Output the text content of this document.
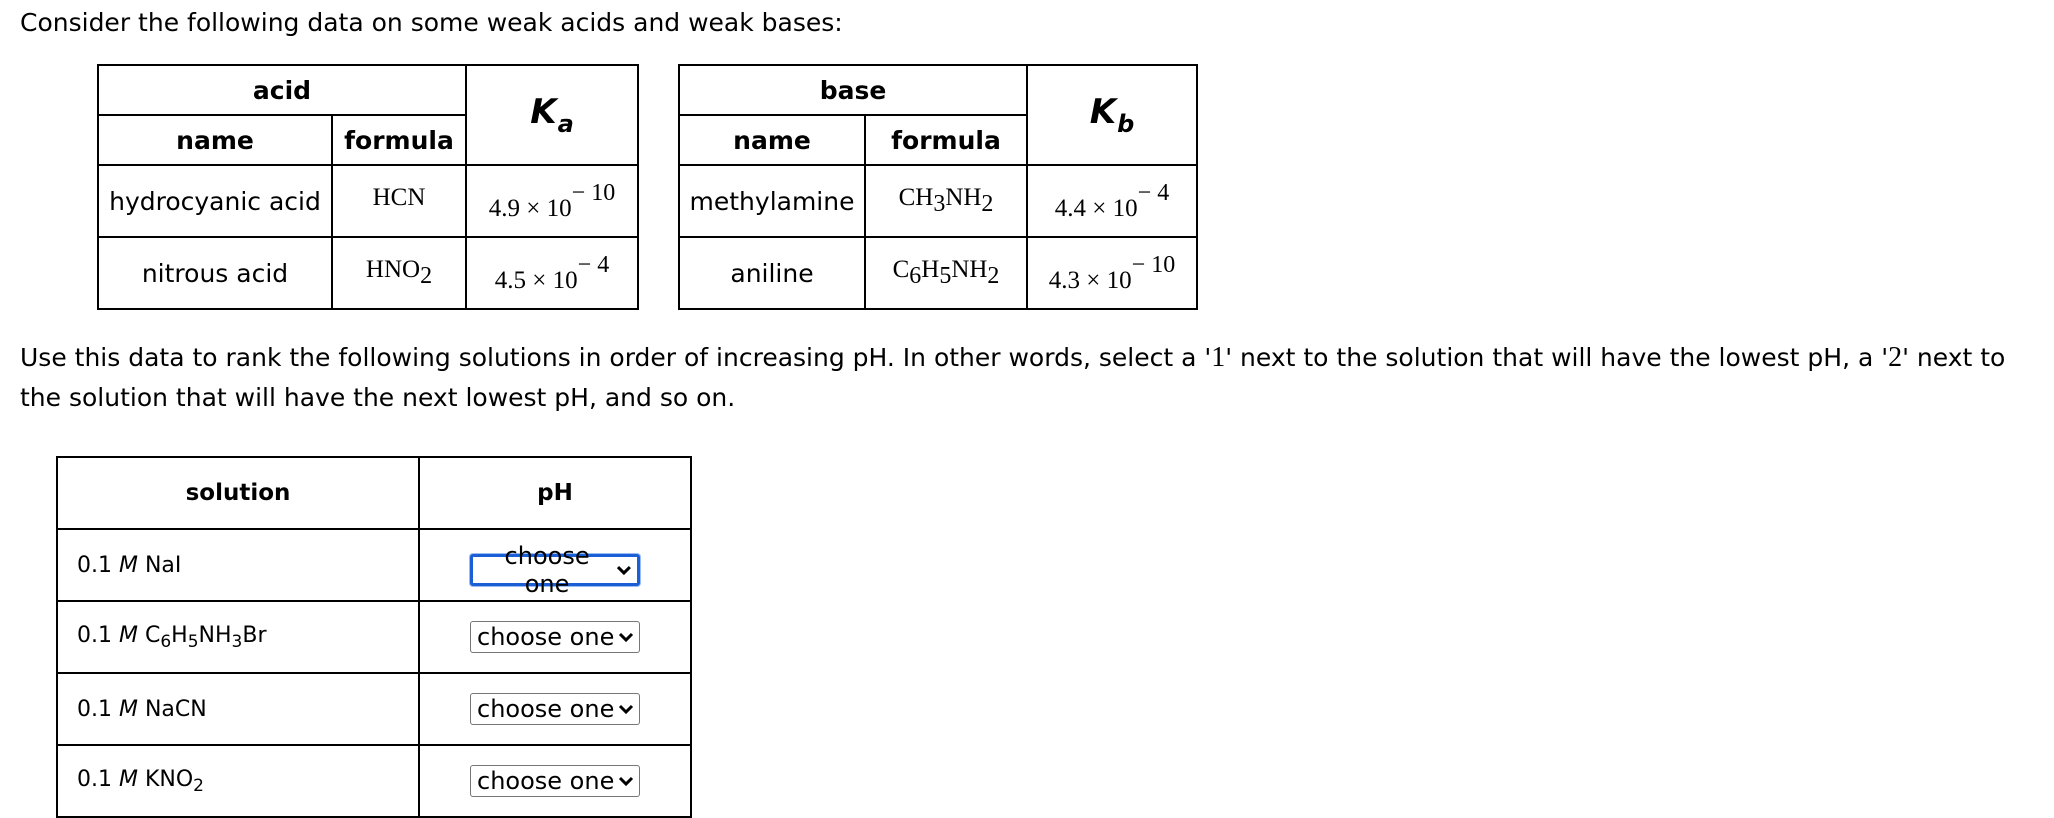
Consider the following data on some weak acids and weak bases:

acid		$K_a$
name	formula	
hydrocyanic acid	HCN	$4.9 \times 10^{- 10}$
nitrous acid	$HNO_2$	$4.5 \times 10^{- 4}$
base		$K_b$
name	formula	
methylamine	$CH_3NH_2$	$4.4 \times 10^{- 4}$
aniline	$C_6H_5NH_2$	$4.3 \times 10^{- 10}$

Use this data to rank the following solutions in order of increasing pH. In other words, select a '1' next to the solution that will have the lowest pH, a '2' next to the solution that will have the next lowest pH, and so on.

solution	pH
0.1 M NaI	choose one

0.1 M $C_6H_5NH_3Br$	choose one

0.1 M NaCN	choose one

0.1 M $KNO_2$	choose one
